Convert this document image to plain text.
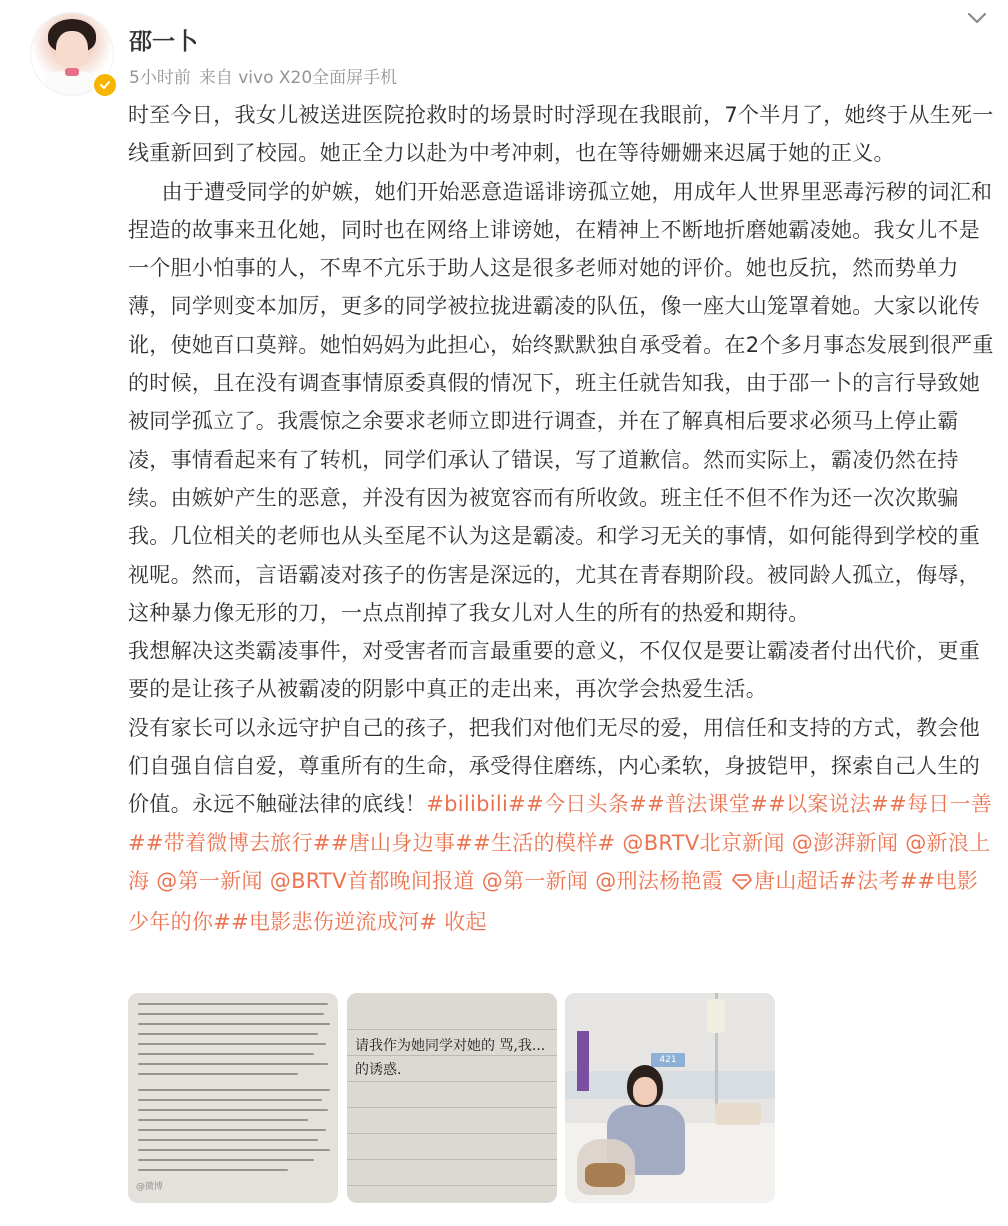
邵一卜
5小时前 来自 vivo X20全面屏手机

时至今日，我女儿被送进医院抢救时的场景时时浮现在我眼前，7个半月了，她终于从生死一线重新回到了校园。她正全力以赴为中考冲刺，也在等待姗姗来迟属于她的正义。

由于遭受同学的妒嫉，她们开始恶意造谣诽谤孤立她，用成年人世界里恶毒污秽的词汇和捏造的故事来丑化她，同时也在网络上诽谤她，在精神上不断地折磨她霸凌她。我女儿不是一个胆小怕事的人，不卑不亢乐于助人这是很多老师对她的评价。她也反抗，然而势单力薄，同学则变本加厉，更多的同学被拉拢进霸凌的队伍，像一座大山笼罩着她。大家以讹传讹，使她百口莫辩。她怕妈妈为此担心，始终默默独自承受着。在2个多月事态发展到很严重的时候，且在没有调查事情原委真假的情况下，班主任就告知我，由于邵一卜的言行导致她被同学孤立了。我震惊之余要求老师立即进行调查，并在了解真相后要求必须马上停止霸凌，事情看起来有了转机，同学们承认了错误，写了道歉信。然而实际上，霸凌仍然在持续。由嫉妒产生的恶意，并没有因为被宽容而有所收敛。班主任不但不作为还一次次欺骗我。几位相关的老师也从头至尾不认为这是霸凌。和学习无关的事情，如何能得到学校的重视呢。然而，言语霸凌对孩子的伤害是深远的，尤其在青春期阶段。被同龄人孤立，侮辱，这种暴力像无形的刀，一点点削掉了我女儿对人生的所有的热爱和期待。

我想解决这类霸凌事件，对受害者而言最重要的意义，不仅仅是要让霸凌者付出代价，更重要的是让孩子从被霸凌的阴影中真正的走出来，再次学会热爱生活。

没有家长可以永远守护自己的孩子，把我们对他们无尽的爱，用信任和支持的方式，教会他们自强自信自爱，尊重所有的生命，承受得住磨练，内心柔软，身披铠甲，探索自己人生的价值。永远不触碰法律的底线！#bilibili##今日头条##普法课堂##以案说法##每日一善##带着微博去旅行##唐山身边事##生活的模样# @BRTV北京新闻 @澎湃新闻 @新浪上海 @第一新闻 @BRTV首都晚间报道 @第一新闻 @刑法杨艳霞 唐山超话#法考##电影少年的你##电影悲伤逆流成河# 收起

@微博
请我作为她同学对她的 骂,我...
的诱惑.
421
